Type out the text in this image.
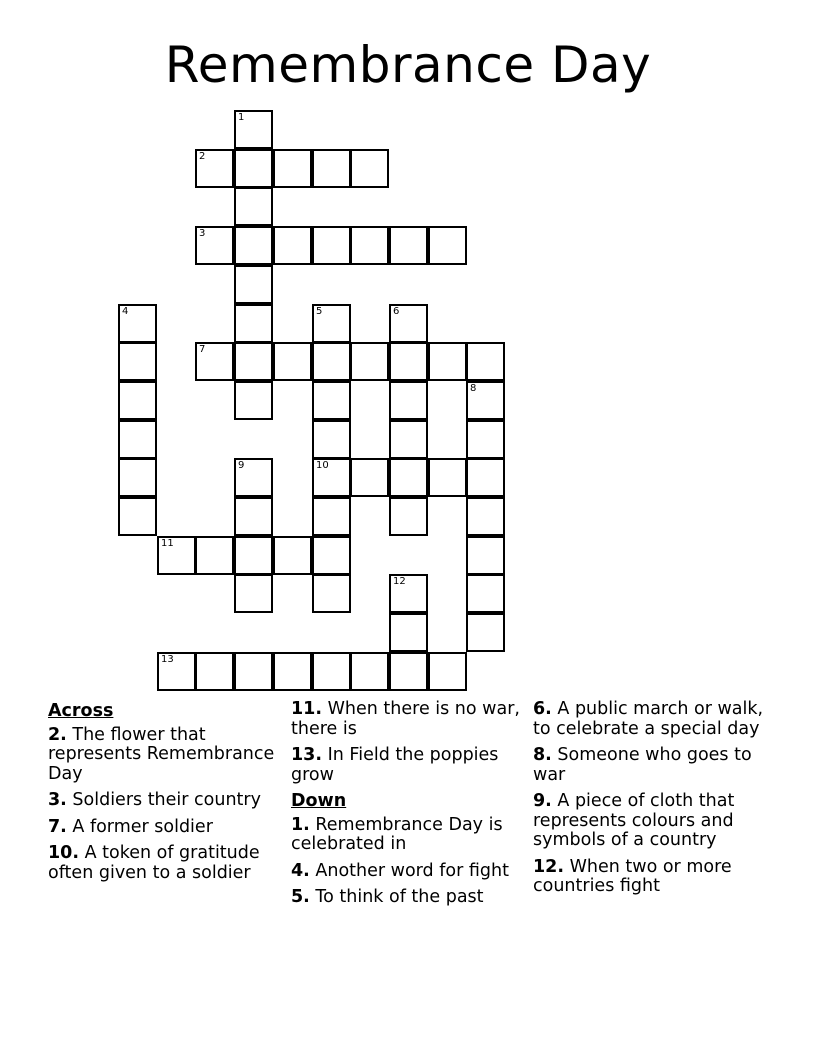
Remembrance Day
1
2
3
4	5	6
7
8
9	10
11
12
13
Across
2. The flower that represents Remembrance Day
3. Soldiers their country
7. A former soldier
10. A token of gratitude often given to a soldier
11. When there is no war, there is
13. In Field the poppies grow
Down
1. Remembrance Day is celebrated in
4. Another word for fight
5. To think of the past
6. A public march or walk, to celebrate a special day
8. Someone who goes to war
9. A piece of cloth that represents colours and symbols of a country
12. When two or more countries fight
